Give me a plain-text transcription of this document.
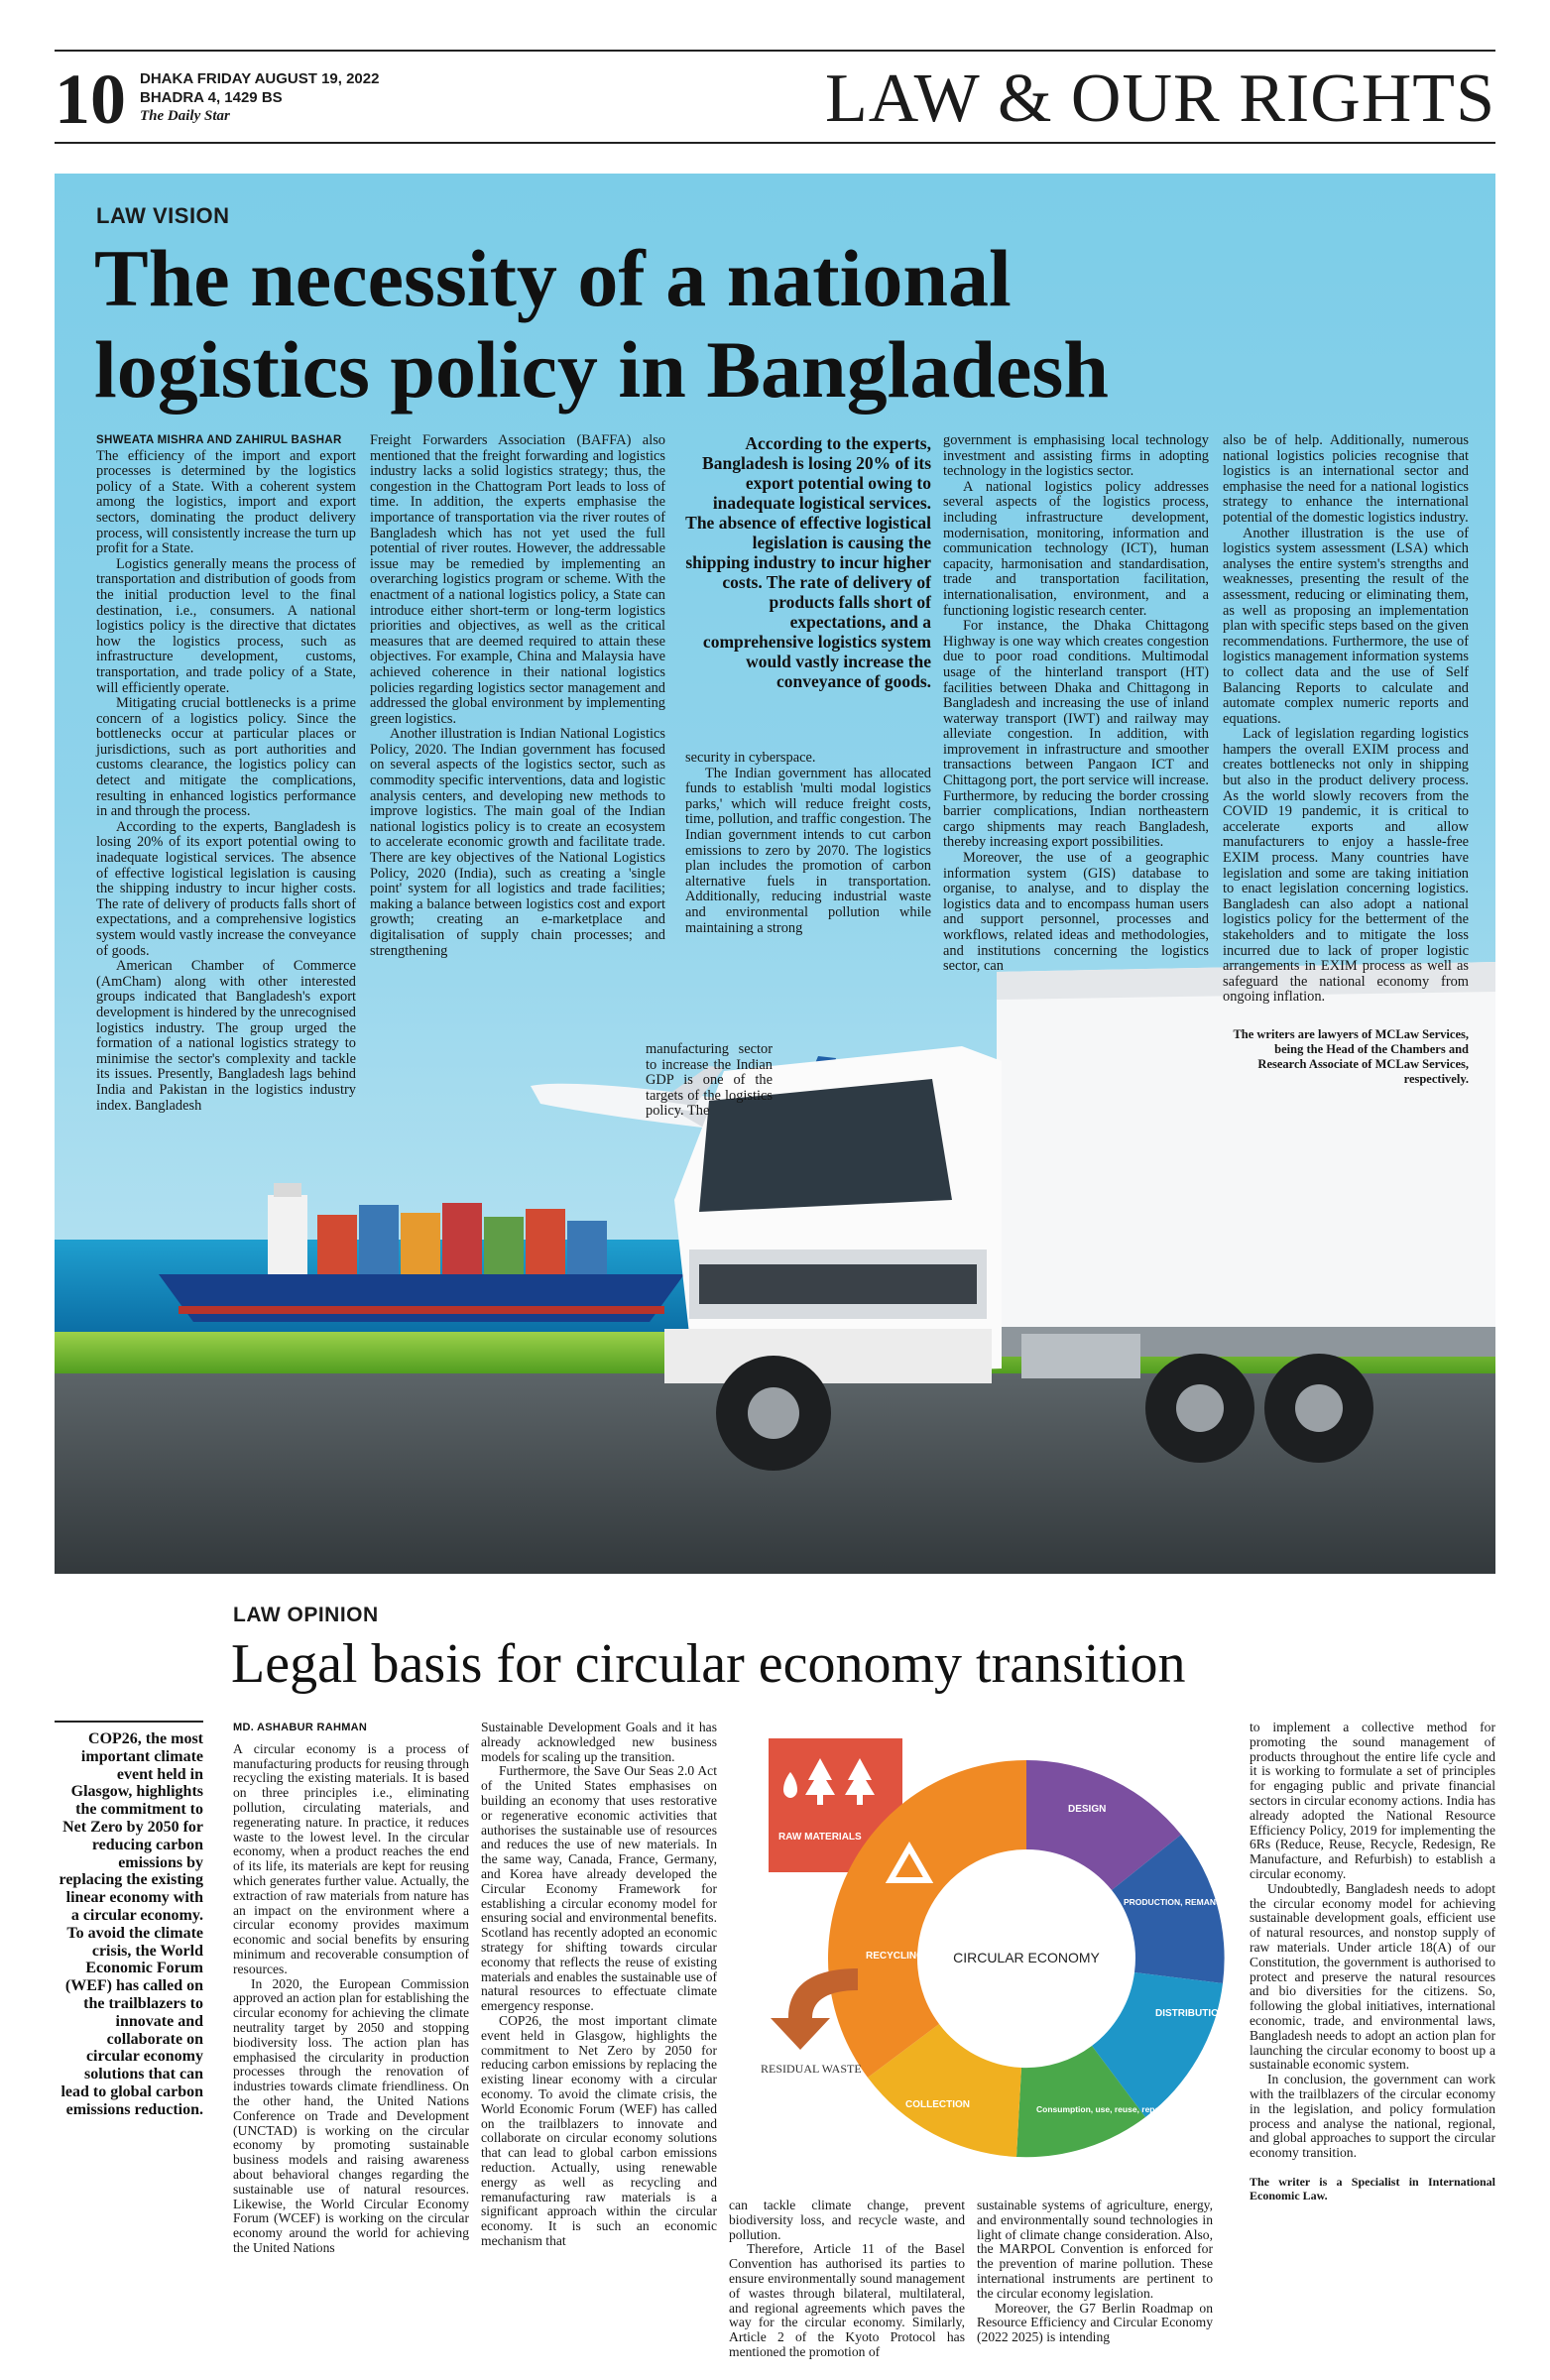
10 DHAKA FRIDAY AUGUST 19, 2022
BHADRA 4, 1429 BS
The Daily Star	LAW & OUR RIGHTS
LAW VISION
The necessity of a national
logistics policy in Bangladesh

SHWEATA MISHRA AND ZAHIRUL BASHAR

The efficiency of the import and export processes is determined by the logistics policy of a State. With a coherent system among the logistics, import and export sectors, dominating the product delivery process, will consistently increase the turn up profit for a State.

Logistics generally means the process of transportation and distribution of goods from the initial production level to the final destination, i.e., consumers. A national logistics policy is the directive that dictates how the logistics process, such as infrastructure development, customs, transportation, and trade policy of a State, will efficiently operate.

Mitigating crucial bottlenecks is a prime concern of a logistics policy. Since the bottlenecks occur at particular places or jurisdictions, such as port authorities and customs clearance, the logistics policy can detect and mitigate the complications, resulting in enhanced logistics performance in and through the process.

According to the experts, Bangladesh is losing 20% of its export potential owing to inadequate logistical services. The absence of effective logistical legislation is causing the shipping industry to incur higher costs. The rate of delivery of products falls short of expectations, and a comprehensive logistics system would vastly increase the conveyance of goods.

American Chamber of Commerce (AmCham) along with other interested groups indicated that Bangladesh's export development is hindered by the unrecognised logistics industry. The group urged the formation of a national logistics strategy to minimise the sector's complexity and tackle its issues. Presently, Bangladesh lags behind India and Pakistan in the logistics industry index. Bangladesh

Freight Forwarders Association (BAFFA) also mentioned that the freight forwarding and logistics industry lacks a solid logistics strategy; thus, the congestion in the Chattogram Port leads to loss of time. In addition, the experts emphasise the importance of transportation via the river routes of Bangladesh which has not yet used the full potential of river routes. However, the addressable issue may be remedied by implementing an overarching logistics program or scheme. With the enactment of a national logistics policy, a State can introduce either short-term or long-term logistics priorities and objectives, as well as the critical measures that are deemed required to attain these objectives. For example, China and Malaysia have achieved coherence in their national logistics policies regarding logistics sector management and addressed the global environment by implementing green logistics.

Another illustration is Indian National Logistics Policy, 2020. The Indian government has focused on several aspects of the logistics sector, such as commodity specific interventions, data and logistic analysis centers, and developing new methods to improve logistics. The main goal of the Indian national logistics policy is to create an ecosystem to accelerate economic growth and facilitate trade. There are key objectives of the National Logistics Policy, 2020 (India), such as creating a 'single point' system for all logistics and trade facilities; making a balance between logistics cost and export growth; creating an e-marketplace and digitalisation of supply chain processes; and strengthening

According to the experts, Bangladesh is losing 20% of its export potential owing to inadequate logistical services. The absence of effective logistical legislation is causing the shipping industry to incur higher costs. The rate of delivery of products falls short of expectations, and a comprehensive logistics system would vastly increase the conveyance of goods.

security in cyberspace.

The Indian government has allocated funds to establish 'multi modal logistics parks,' which will reduce freight costs, time, pollution, and traffic congestion. The Indian government intends to cut carbon emissions to zero by 2070. The logistics plan includes the promotion of carbon alternative fuels in transportation. Additionally, reducing industrial waste and environmental pollution while maintaining a strong

manufacturing sector to increase the Indian GDP is one of the targets of the logistics policy. The

government is emphasising local technology investment and assisting firms in adopting technology in the logistics sector.

A national logistics policy addresses several aspects of the logistics process, including infrastructure development, modernisation, monitoring, information and communication technology (ICT), human capacity, harmonisation and standardisation, trade and transportation facilitation, internationalisation, environment, and a functioning logistic research center.

For instance, the Dhaka Chittagong Highway is one way which creates congestion due to poor road conditions. Multimodal usage of the hinterland transport (HT) facilities between Dhaka and Chittagong in Bangladesh and increasing the use of inland waterway transport (IWT) and railway may alleviate congestion. In addition, with improvement in infrastructure and smoother transactions between Pangaon ICT and Chittagong port, the port service will increase. Furthermore, by reducing the border crossing barrier complications, Indian northeastern cargo shipments may reach Bangladesh, thereby increasing export possibilities.

Moreover, the use of a geographic information system (GIS) database to organise, to analyse, and to display the logistics data and to encompass human users and support personnel, processes and workflows, related ideas and methodologies, and institutions concerning the logistics sector, can

also be of help. Additionally, numerous national logistics policies recognise that logistics is an international sector and emphasise the need for a national logistics strategy to enhance the international potential of the domestic logistics industry.

Another illustration is the use of logistics system assessment (LSA) which analyses the entire system's strengths and weaknesses, presenting the result of the assessment, reducing or eliminating them, as well as proposing an implementation plan with specific steps based on the given recommendations. Furthermore, the use of logistics management information systems to collect data and the use of Self Balancing Reports to calculate and automate complex numeric reports and equations.

Lack of legislation regarding logistics hampers the overall EXIM process and creates bottlenecks not only in shipping but also in the product delivery process. As the world slowly recovers from the COVID 19 pandemic, it is critical to accelerate exports and allow manufacturers to enjoy a hassle-free EXIM process. Many countries have legislation and some are taking initiation to enact legislation concerning logistics. Bangladesh can also adopt a national logistics policy for the betterment of the stakeholders and to mitigate the loss incurred due to lack of proper logistic arrangements in EXIM process as well as safeguard the national economy from ongoing inflation.

The writers are lawyers of MCLaw Services, being the Head of the Chambers and Research Associate of MCLaw Services, respectively.

LAW OPINION
Legal basis for circular economy transition
COP26, the most important climate event held in Glasgow, highlights the commitment to Net Zero by 2050 for reducing carbon emissions by replacing the existing linear economy with a circular economy. To avoid the climate crisis, the World Economic Forum (WEF) has called on the trailblazers to innovate and collaborate on circular economy solutions that can lead to global carbon emissions reduction.

MD. ASHABUR RAHMAN

A circular economy is a process of manufacturing products for reusing through recycling the existing materials. It is based on three principles i.e., eliminating pollution, circulating materials, and regenerating nature. In practice, it reduces waste to the lowest level. In the circular economy, when a product reaches the end of its life, its materials are kept for reusing which generates further value. Actually, the extraction of raw materials from nature has an impact on the environment where a circular economy provides maximum economic and social benefits by ensuring minimum and recoverable consumption of resources.

In 2020, the European Commission approved an action plan for establishing the circular economy for achieving the climate neutrality target by 2050 and stopping biodiversity loss. The action plan has emphasised the circularity in production processes through the renovation of industries towards climate friendliness. On the other hand, the United Nations Conference on Trade and Development (UNCTAD) is working on the circular economy by promoting sustainable business models and raising awareness about behavioral changes regarding the sustainable use of natural resources. Likewise, the World Circular Economy Forum (WCEF) is working on the circular economy around the world for achieving the United Nations

Sustainable Development Goals and it has already acknowledged new business models for scaling up the transition.

Furthermore, the Save Our Seas 2.0 Act of the United States emphasises on building an economy that uses restorative or regenerative economic activities that authorises the sustainable use of resources and reduces the use of new materials. In the same way, Canada, France, Germany, and Korea have already developed the Circular Economy Framework for establishing a circular economy model for ensuring social and environmental benefits. Scotland has recently adopted an economic strategy for shifting towards circular economy that reflects the reuse of existing materials and enables the sustainable use of natural resources to effectuate climate emergency response.

COP26, the most important climate event held in Glasgow, highlights the commitment to Net Zero by 2050 for reducing carbon emissions by replacing the existing linear economy with a circular economy. To avoid the climate crisis, the World Economic Forum (WEF) has called on the trailblazers to innovate and collaborate on circular economy solutions that can lead to global carbon emissions reduction. Actually, using renewable energy as well as recycling and remanufacturing raw materials is a significant approach within the circular economy. It is such an economic mechanism that

RAW MATERIALS
CIRCULAR ECONOMY
DESIGN
PRODUCTION, REMANUFACTURING
DISTRIBUTION
Consumption, use, reuse, repair
COLLECTION
RECYCLING
RESIDUAL WASTE

can tackle climate change, prevent biodiversity loss, and recycle waste, and pollution.

Therefore, Article 11 of the Basel Convention has authorised its parties to ensure environmentally sound management of wastes through bilateral, multilateral, and regional agreements which paves the way for the circular economy. Similarly, Article 2 of the Kyoto Protocol has mentioned the promotion of

sustainable systems of agriculture, energy, and environmentally sound technologies in light of climate change consideration. Also, the MARPOL Convention is enforced for the prevention of marine pollution. These international instruments are pertinent to the circular economy legislation.

Moreover, the G7 Berlin Roadmap on Resource Efficiency and Circular Economy (2022 2025) is intending

to implement a collective method for promoting the sound management of products throughout the entire life cycle and it is working to formulate a set of principles for engaging public and private financial sectors in circular economy actions. India has already adopted the National Resource Efficiency Policy, 2019 for implementing the 6Rs (Reduce, Reuse, Recycle, Redesign, Re Manufacture, and Refurbish) to establish a circular economy.

Undoubtedly, Bangladesh needs to adopt the circular economy model for achieving sustainable development goals, efficient use of natural resources, and nonstop supply of raw materials. Under article 18(A) of our Constitution, the government is authorised to protect and preserve the natural resources and bio diversities for the citizens. So, following the global initiatives, international economic, trade, and environmental laws, Bangladesh needs to adopt an action plan for launching the circular economy to boost up a sustainable economic system.

In conclusion, the government can work with the trailblazers of the circular economy in the legislation, and policy formulation process and analyse the national, regional, and global approaches to support the circular economy transition.

The writer is a Specialist in International Economic Law.
